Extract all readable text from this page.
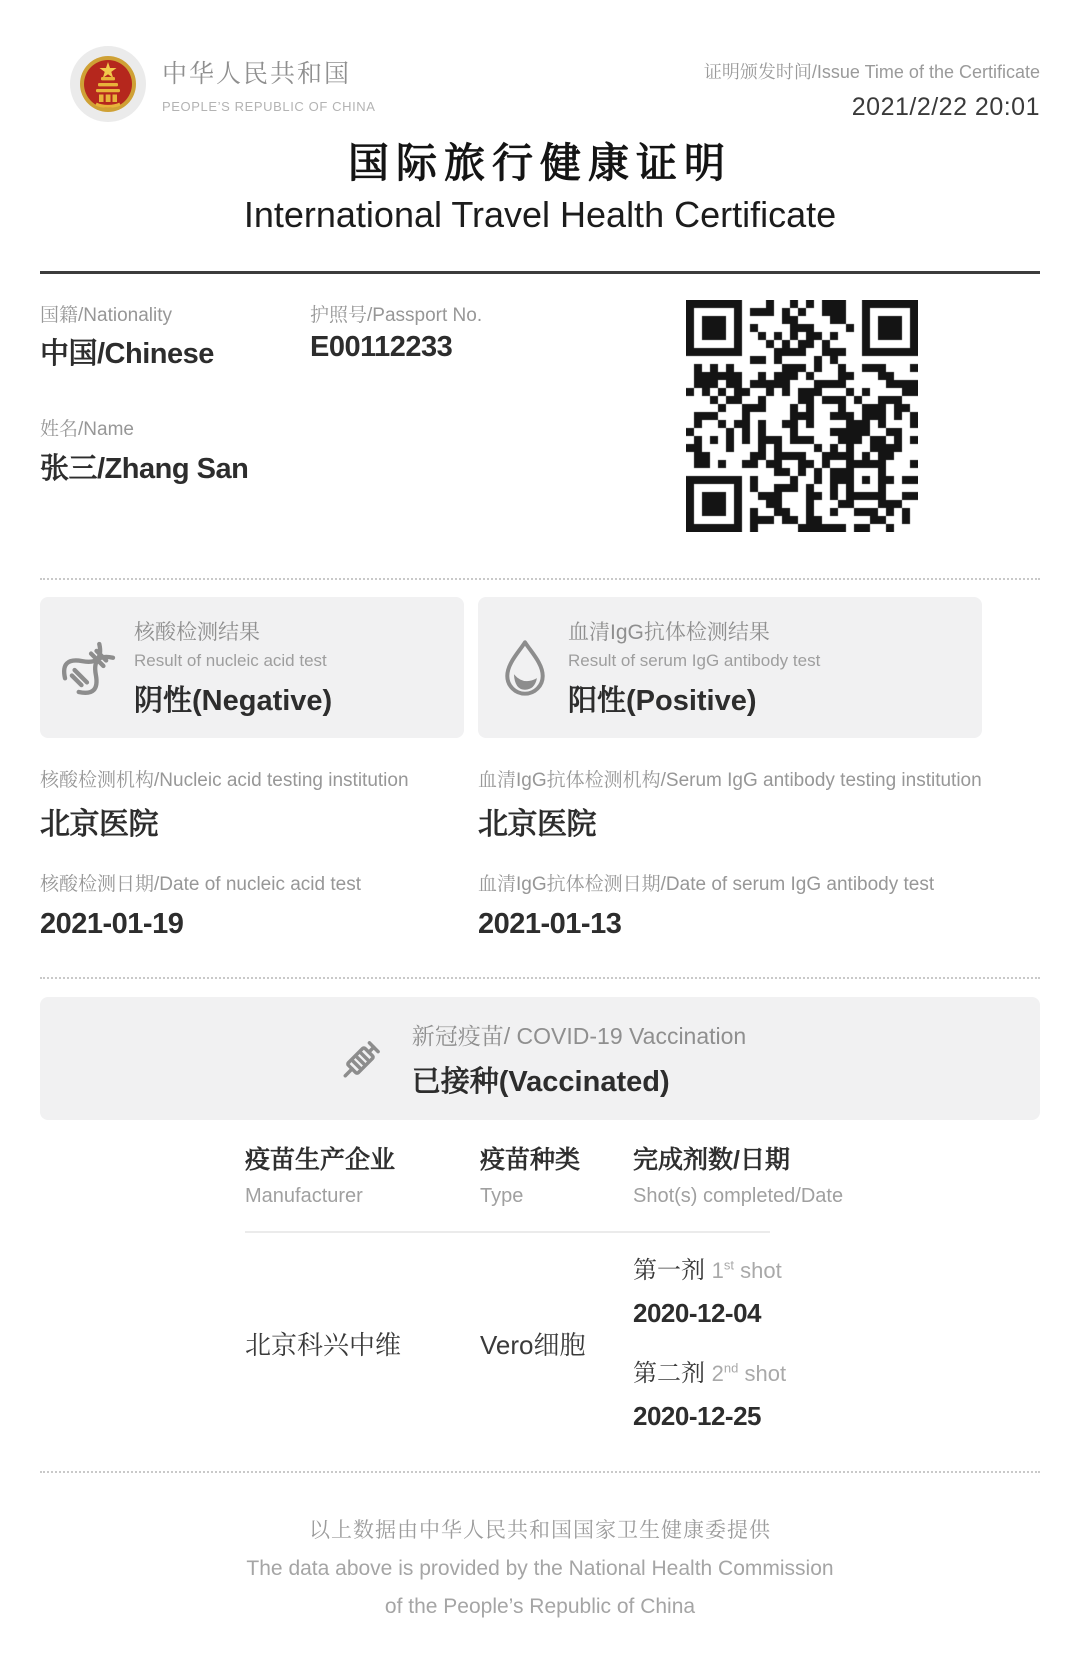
中华人民共和国
PEOPLE’S REPUBLIC OF CHINA
证明颁发时间/Issue Time of the Certificate
2021/2/22 20:01
国际旅行健康证明
International Travel Health Certificate
国籍/Nationality
中国/Chinese
护照号/Passport No.
E00112233
姓名/Name
张三/Zhang San
核酸检测结果
Result of nucleic acid test
阴性(Negative)
血清IgG抗体检测结果
Result of serum IgG antibody test
阳性(Positive)
核酸检测机构/Nucleic acid testing institution
北京医院
血清IgG抗体检测机构/Serum IgG antibody testing institution
北京医院
核酸检测日期/Date of nucleic acid test
2021-01-19
血清IgG抗体检测日期/Date of serum IgG antibody test
2021-01-13
新冠疫苗/ COVID-19 Vaccination
已接种(Vaccinated)
疫苗生产企业	疫苗种类 完成剂数/日期
Manufacturer	Type	Shot(s) completed/Date
北京科兴中维	Vero细胞
第一剂 1st shot
2020-12-04
第二剂 2nd shot
2020-12-25
以上数据由中华人民共和国国家卫生健康委提供
The data above is provided by the National Health Commission
of the People’s Republic of China
